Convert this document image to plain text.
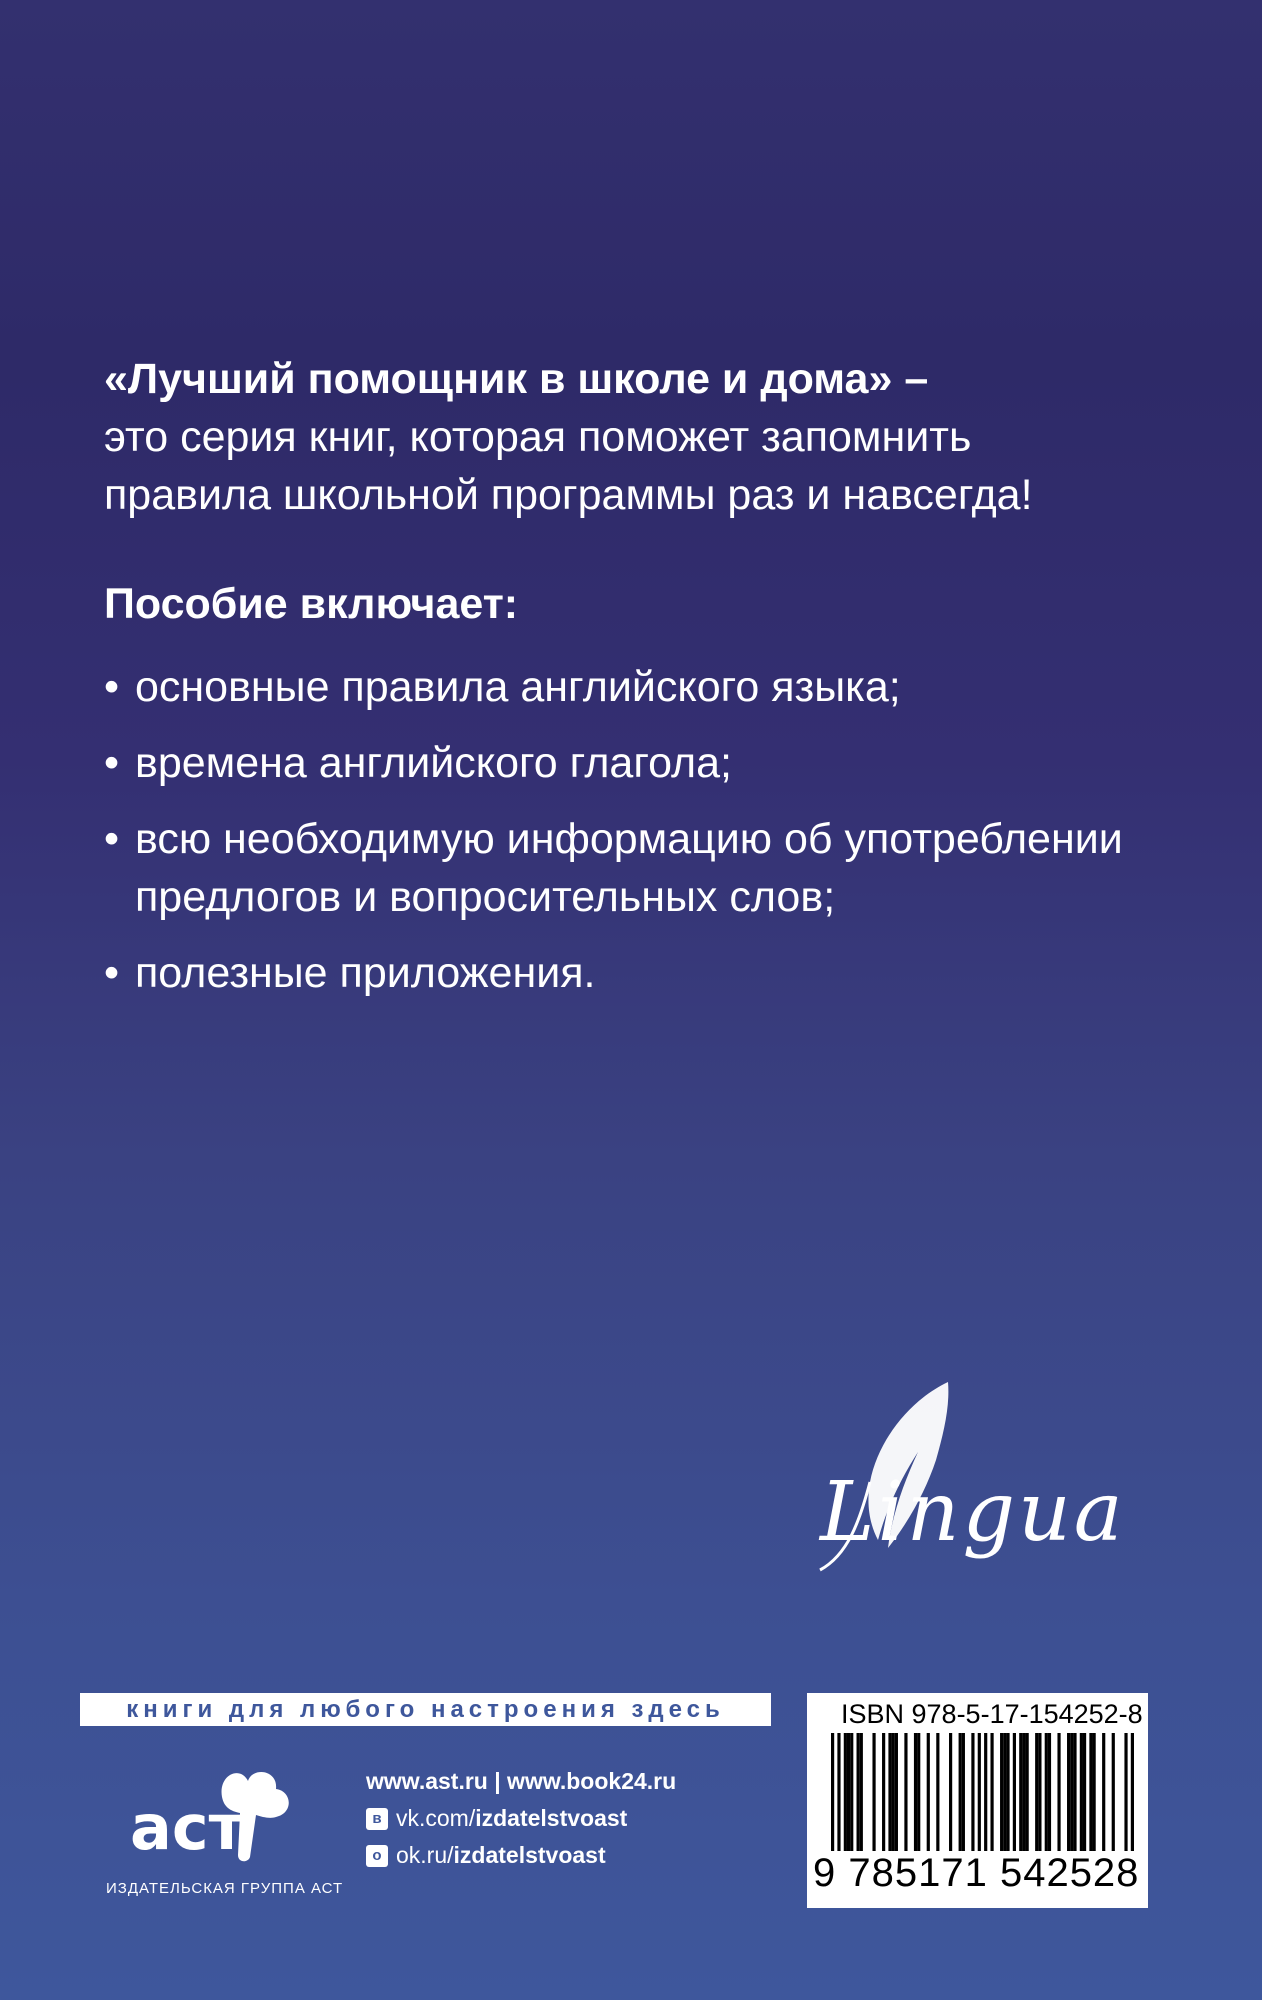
«Лучший помощник в школе и дома» –
это серия книг, которая поможет запомнить
правила школьной программы раз и навсегда!
Пособие включает:
• основные правила английского языка;
• времена английского глагола;
• всю необходимую информацию об употреблении предлогов и вопросительных слов;
• полезные приложения.
Lingua
книги для любого настроения здесь
аст
ИЗДАТЕЛЬСКАЯ ГРУППА АСТ
www.ast.ru | www.book24.ru
в vk.com/izdatelstvoast
о ok.ru/izdatelstvoast
ISBN 978-5-17-154252-8
9 785171 542528
